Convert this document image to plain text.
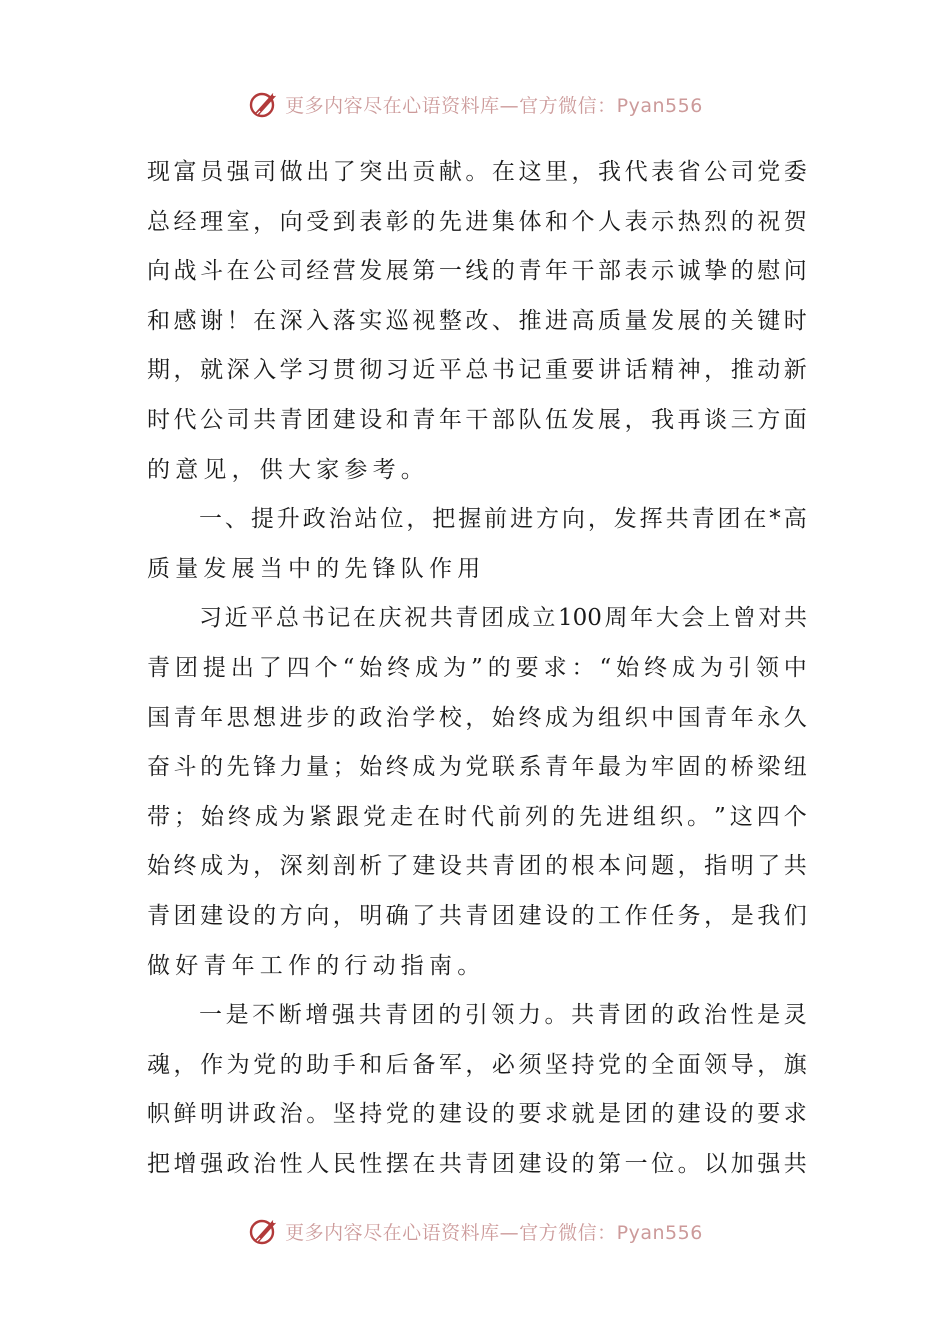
更多内容尽在心语资料库—官方微信：Pyan556
现 富 员 强 司 做 出 了 突 出 贡 献 。 在 这 里 ， 我 代 表 省 公 司 党 委
总 经 理 室 ， 向 受 到 表 彰 的 先 进 集 体 和 个 人 表 示 热 烈 的 祝 贺
向 战 斗 在 公 司 经 营 发 展 第 一 线 的 青 年 干 部 表 示 诚 挚 的 慰 问
和 感 谢 ！ 在 深 入 落 实 巡 视 整 改 、 推 进 高 质 量 发 展 的 关 键 时
期 ， 就 深 入 学 习 贯 彻 习 近 平 总 书 记 重 要 讲 话 精 神 ， 推 动 新
时 代 公 司 共 青 团 建 设 和 青 年 干 部 队 伍 发 展 ， 我 再 谈 三 方 面
的意见，供大家参考。
一 、 提 升 政 治 站 位 ， 把 握 前 进 方 向 ， 发 挥 共 青 团 在 * 高
质量发展当中的先锋队作用
习 近 平 总 书 记 在 庆 祝 共 青 团 成 立 100 周 年 大 会 上 曾 对 共
青 团 提 出 了 四 个 “ 始 终 成 为 ” 的 要 求 ： “ 始 终 成 为 引 领 中
国 青 年 思 想 进 步 的 政 治 学 校 ， 始 终 成 为 组 织 中 国 青 年 永 久
奋 斗 的 先 锋 力 量 ； 始 终 成 为 党 联 系 青 年 最 为 牢 固 的 桥 梁 纽
带 ； 始 终 成 为 紧 跟 党 走 在 时 代 前 列 的 先 进 组 织 。 ” 这 四 个
始 终 成 为 ， 深 刻 剖 析 了 建 设 共 青 团 的 根 本 问 题 ， 指 明 了 共
青 团 建 设 的 方 向 ， 明 确 了 共 青 团 建 设 的 工 作 任 务 ， 是 我 们
做好青年工作的行动指南。
一 是 不 断 增 强 共 青 团 的 引 领 力 。 共 青 团 的 政 治 性 是 灵
魂 ， 作 为 党 的 助 手 和 后 备 军 ， 必 须 坚 持 党 的 全 面 领 导 ， 旗
帜 鲜 明 讲 政 治 。 坚 持 党 的 建 设 的 要 求 就 是 团 的 建 设 的 要 求
把 增 强 政 治 性 人 民 性 摆 在 共 青 团 建 设 的 第 一 位 。 以 加 强 共
更多内容尽在心语资料库—官方微信：Pyan556
